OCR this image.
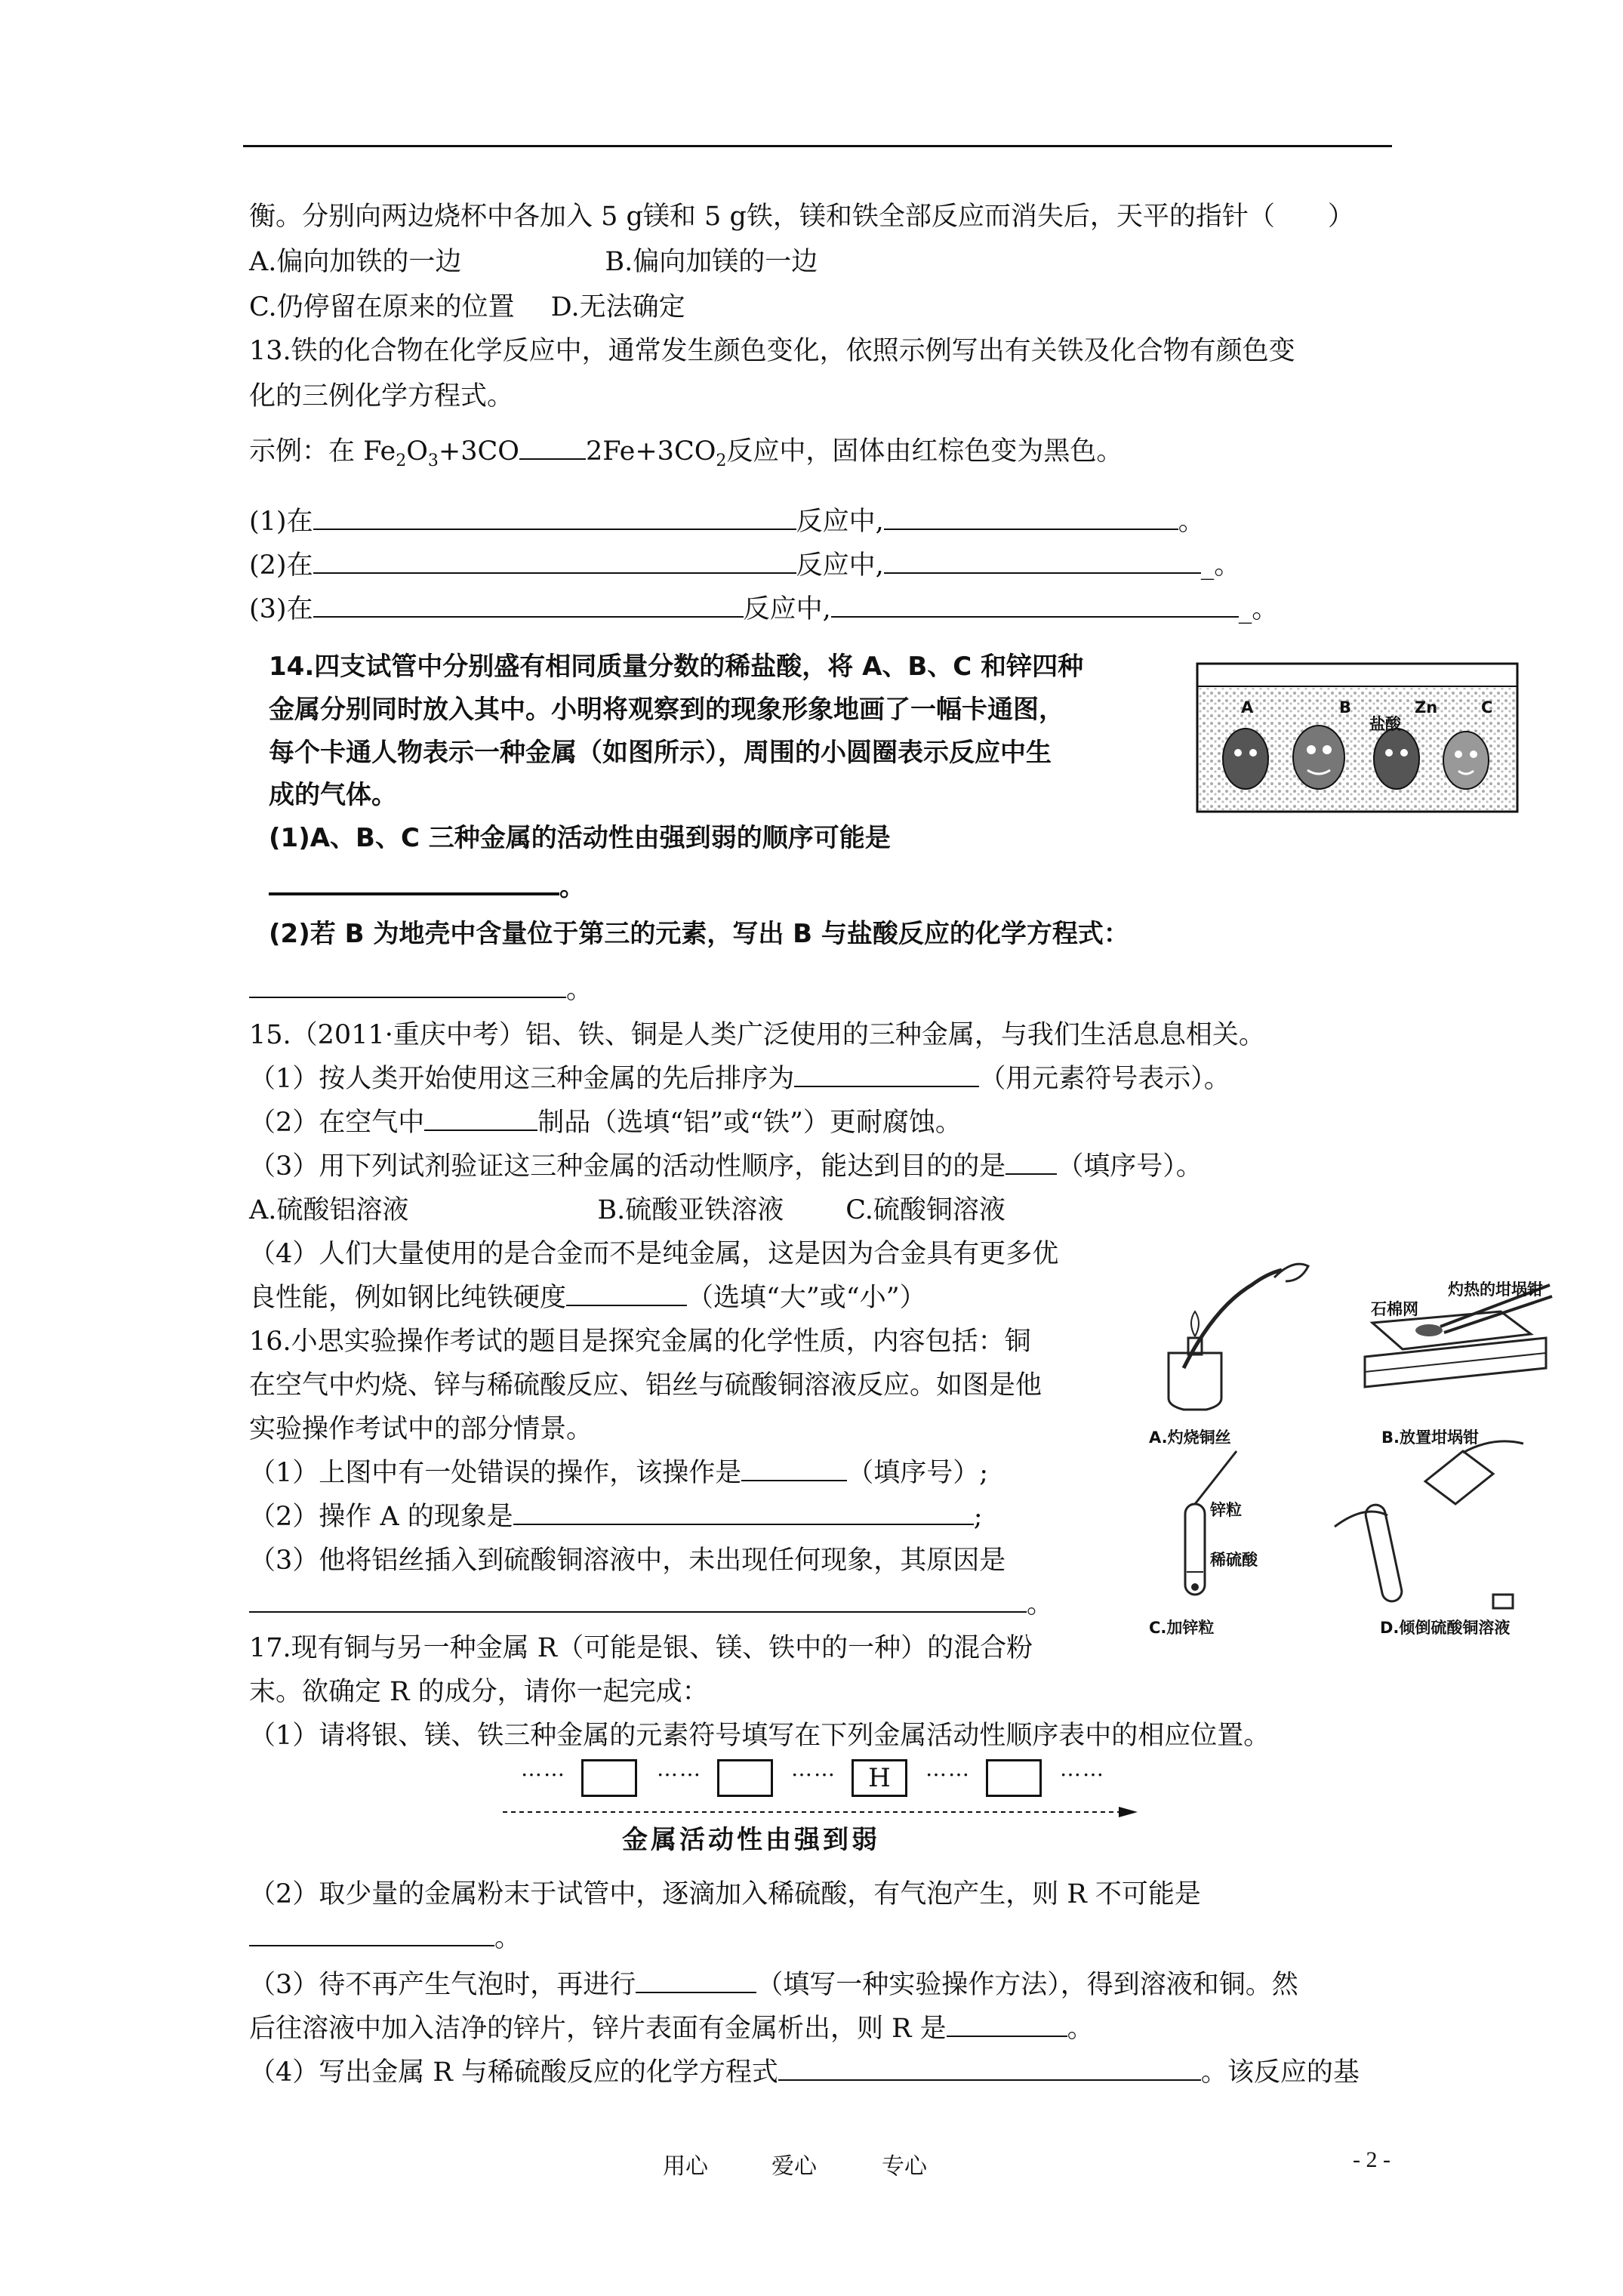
衡。分别向两边烧杯中各加入 5 g镁和 5 g铁，镁和铁全部反应而消失后，天平的指针（　　）
A.偏向加铁的一边	B.偏向加镁的一边
C.仍停留在原来的位置 D.无法确定
13.铁的化合物在化学反应中，通常发生颜色变化，依照示例写出有关铁及化合物有颜色变
化的三例化学方程式。
示例：在 $Fe_2O_3+3CO$	$2Fe+3CO_2$反应中，固体由红棕色变为黑色。
(1)在	反应中,	。
(2)在	反应中,	_。
(3)在	反应中,	_。
14.四支试管中分别盛有相同质量分数的稀盐酸，将 A、B、C 和锌四种
金属分别同时放入其中。小明将观察到的现象形象地画了一幅卡通图，
每个卡通人物表示一种金属（如图所示），周围的小圆圈表示反应中生
成的气体。
(1)A、B、C 三种金属的活动性由强到弱的顺序可能是
。
(2)若 B 为地壳中含量位于第三的元素，写出 B 与盐酸反应的化学方程式：
。
A	B
盐酸
Zn	C
15.（2011·重庆中考）铝、铁、铜是人类广泛使用的三种金属，与我们生活息息相关。
（1）按人类开始使用这三种金属的先后排序为	（用元素符号表示）。
（2）在空气中	制品（选填“铝”或“铁”）更耐腐蚀。
（3）用下列试剂验证这三种金属的活动性顺序，能达到目的的是 （填序号）。
A.硫酸铝溶液	B.硫酸亚铁溶液 C.硫酸铜溶液
（4）人们大量使用的是合金而不是纯金属，这是因为合金具有更多优
良性能，例如钢比纯铁硬度	（选填“大”或“小”）
16.小思实验操作考试的题目是探究金属的化学性质，内容包括：铜
在空气中灼烧、锌与稀硫酸反应、铝丝与硫酸铜溶液反应。如图是他
实验操作考试中的部分情景。
（1）上图中有一处错误的操作，该操作是	（填序号）;
（2）操作 A 的现象是	;
（3）他将铝丝插入到硫酸铜溶液中，未出现任何现象，其原因是
。
A.灼烧铜丝	B.放置坩埚钳
石棉网
灼热的坩埚钳
锌粒
稀硫酸
C.加锌粒	D.倾倒硫酸铜溶液
17.现有铜与另一种金属 R（可能是银、镁、铁中的一种）的混合粉
末。欲确定 R 的成分，请你一起完成：
（1）请将银、镁、铁三种金属的元素符号填写在下列金属活动性顺序表中的相应位置。
……	……	……	H	……	……
金属活动性由强到弱
（2）取少量的金属粉末于试管中，逐滴加入稀硫酸，有气泡产生，则 R 不可能是
。
（3）待不再产生气泡时，再进行	（填写一种实验操作方法），得到溶液和铜。然
后往溶液中加入洁净的锌片，锌片表面有金属析出，则 R 是	。
（4）写出金属 R 与稀硫酸反应的化学方程式	。该反应的基
用心	爱心	专心	- 2 -
